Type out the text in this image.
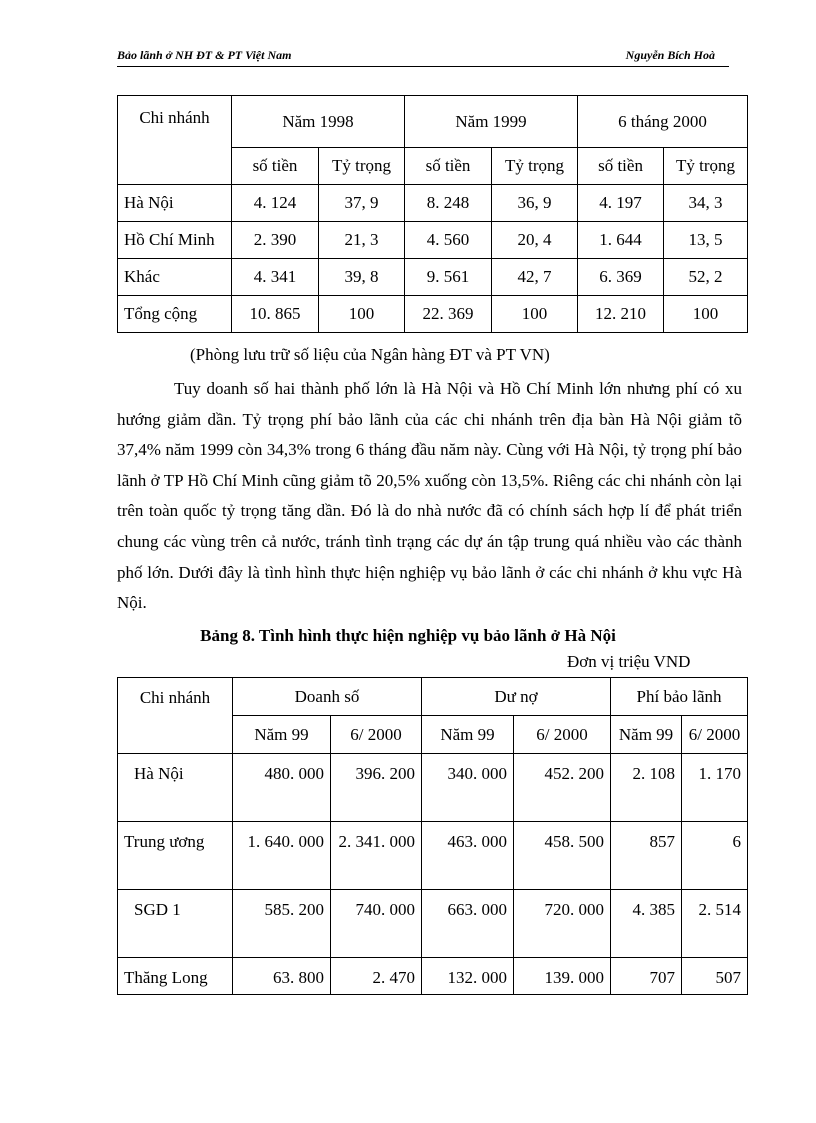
Bảo lãnh ở NH ĐT & PT Việt Nam	Nguyễn Bích Hoà
Chi nhánh	Năm 1998		Năm 1999		6 tháng 2000	
	số tiền	Tỷ trọng	số tiền	Tỷ trọng	số tiền	Tỷ trọng
Hà Nội	4. 124	37, 9	8. 248	36, 9	4. 197	34, 3
Hồ Chí Minh	2. 390	21, 3	4. 560	20, 4	1. 644	13, 5
Khác	4. 341	39, 8	9. 561	42, 7	6. 369	52, 2
Tổng cộng	10. 865	100	22. 369	100	12. 210	100
(Phòng lưu trữ số liệu của Ngân hàng ĐT và PT VN)

Tuy doanh số hai thành phố lớn là Hà Nội và Hồ Chí Minh lớn nhưng phí có xu hướng giảm dần. Tỷ trọng phí bảo lãnh của các chi nhánh trên địa bàn Hà Nội giảm tõ 37,4% năm 1999 còn 34,3% trong 6 tháng đầu năm này. Cùng với Hà Nội, tỷ trọng phí bảo lãnh ở TP Hồ Chí Minh cũng giảm tõ 20,5% xuống còn 13,5%. Riêng các chi nhánh còn lại trên toàn quốc tỷ trọng tăng dần. Đó là do nhà nước đã có chính sách hợp lí để phát triển chung các vùng trên cả nước, tránh tình trạng các dự án tập trung quá nhiều vào các thành phố lớn. Dưới đây là tình hình thực hiện nghiệp vụ bảo lãnh ở các chi nhánh ở khu vực Hà Nội.

Bảng 8. Tình hình thực hiện nghiệp vụ bảo lãnh ở Hà Nội
Đơn vị triệu VND
Chi nhánh	Doanh số		Dư nợ		Phí bảo lãnh	
	Năm 99	6/ 2000	Năm 99	6/ 2000	Năm 99	6/ 2000
Hà Nội	480. 000	396. 200	340. 000	452. 200	2. 108	1. 170
Trung ương	1. 640. 000	2. 341. 000	463. 000	458. 500	857	6
SGD 1	585. 200	740. 000	663. 000	720. 000	4. 385	2. 514
Thăng Long	63. 800	2. 470	132. 000	139. 000	707	507
